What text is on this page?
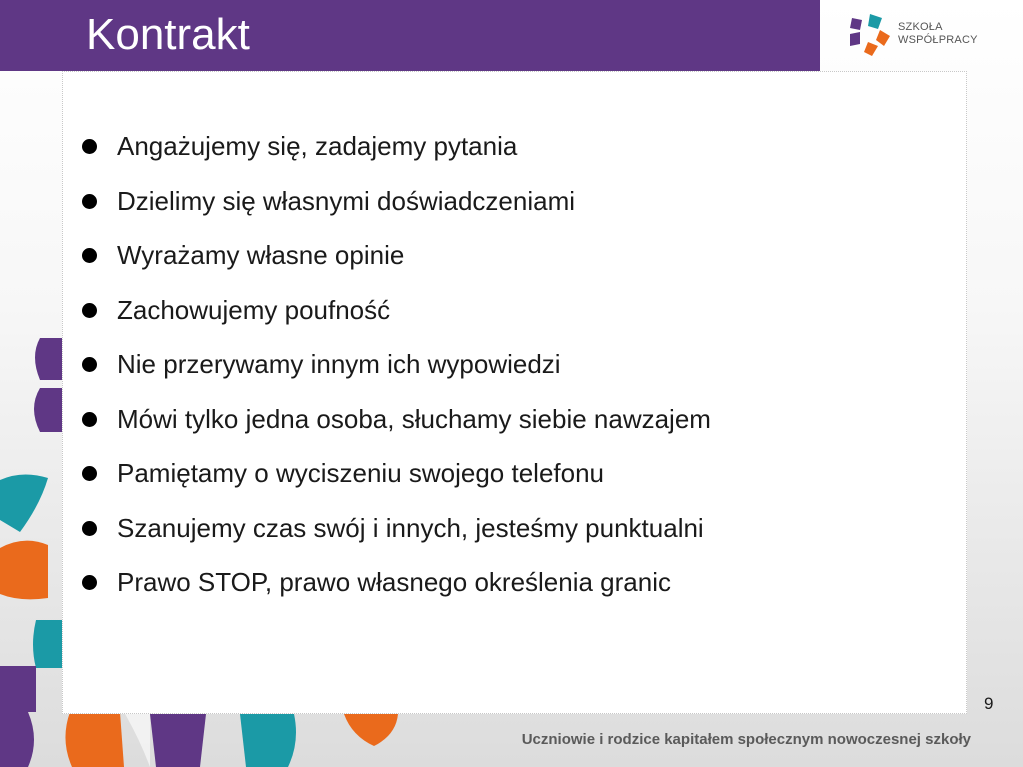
Kontrakt	SZKOŁA
WSPÓŁPRACY
Angażujemy się, zadajemy pytania
Dzielimy się własnymi doświadczeniami
Wyrażamy własne opinie
Zachowujemy poufność
Nie przerywamy innym ich wypowiedzi
Mówi tylko jedna osoba, słuchamy siebie nawzajem
Pamiętamy o wyciszeniu swojego telefonu
Szanujemy czas swój i innych, jesteśmy punktualni
Prawo STOP, prawo własnego określenia granic
9
Uczniowie i rodzice kapitałem społecznym nowoczesnej szkoły
